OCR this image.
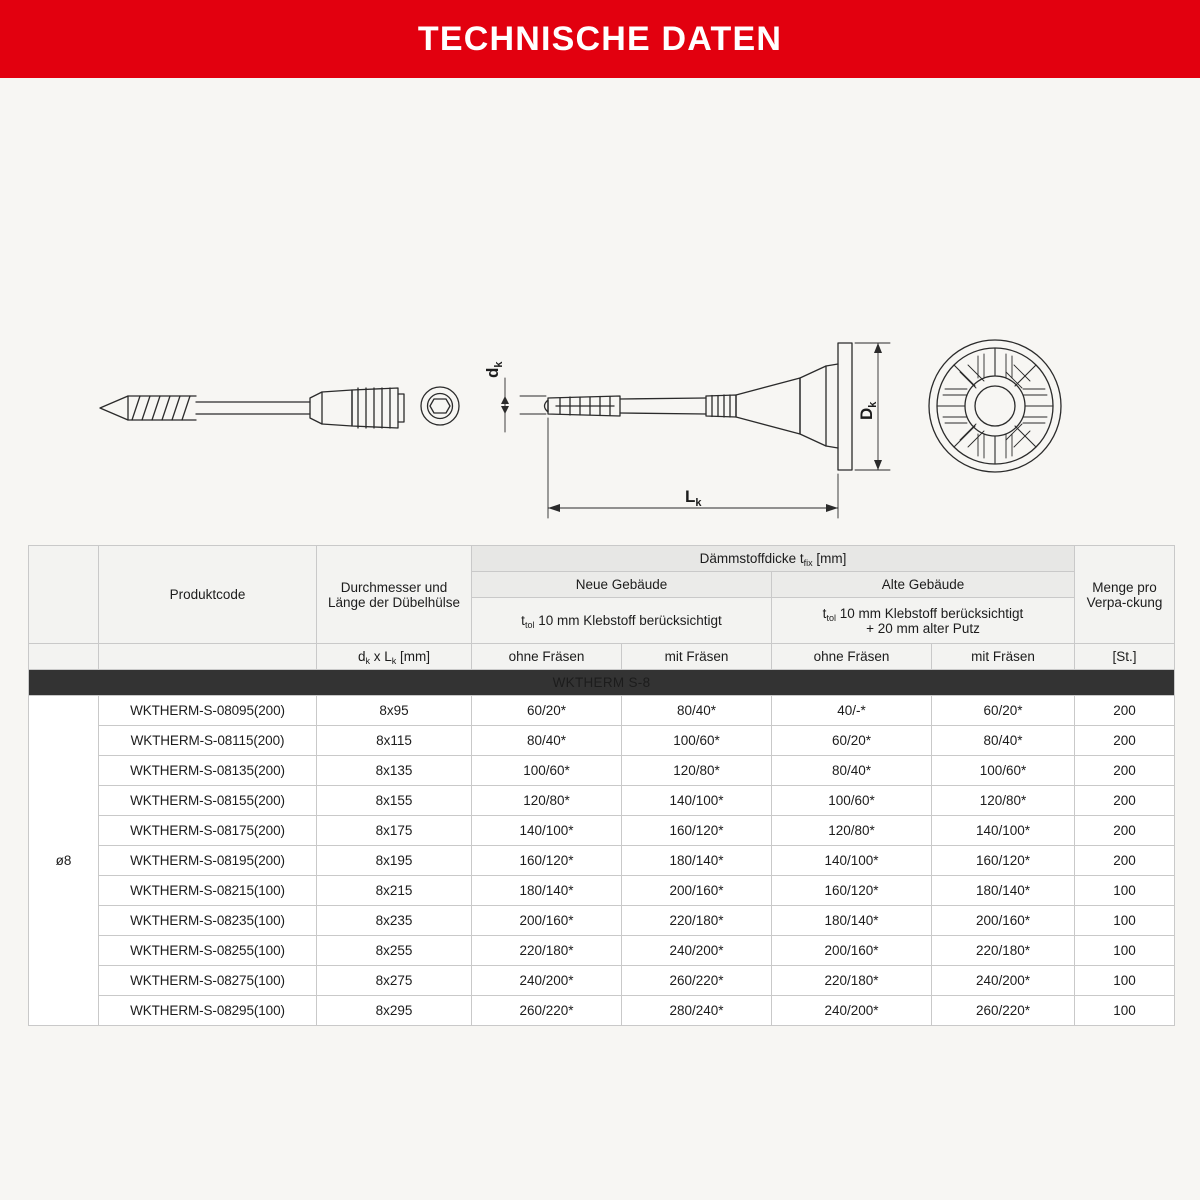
TECHNISCHE DATEN
$d_k$
$D_k$
$L_k$
	Produktcode	Durchmesser und Länge der Dübelhülse	Dämmstoffdicke $t_{fix}$ [mm]				Menge pro Verpa-ckung
			Neue Gebäude		Alte Gebäude		
			$t_{tol}$ 10 mm Klebstoff berücksichtigt		$t_{tol}$ 10 mm Klebstoff berücksichtigt
+ 20 mm alter Putz		
		$d_k$ x $L_k$ [mm]	ohne Fräsen	mit Fräsen	ohne Fräsen	mit Fräsen	[St.]
WKTHERM S-8							
ø8	WKTHERM-S-08095(200)	8x95	60/20*	80/40*	40/-*	60/20*	200
	WKTHERM-S-08115(200)	8x115	80/40*	100/60*	60/20*	80/40*	200
	WKTHERM-S-08135(200)	8x135	100/60*	120/80*	80/40*	100/60*	200
	WKTHERM-S-08155(200)	8x155	120/80*	140/100*	100/60*	120/80*	200
	WKTHERM-S-08175(200)	8x175	140/100*	160/120*	120/80*	140/100*	200
	WKTHERM-S-08195(200)	8x195	160/120*	180/140*	140/100*	160/120*	200
	WKTHERM-S-08215(100)	8x215	180/140*	200/160*	160/120*	180/140*	100
	WKTHERM-S-08235(100)	8x235	200/160*	220/180*	180/140*	200/160*	100
	WKTHERM-S-08255(100)	8x255	220/180*	240/200*	200/160*	220/180*	100
	WKTHERM-S-08275(100)	8x275	240/200*	260/220*	220/180*	240/200*	100
	WKTHERM-S-08295(100)	8x295	260/220*	280/240*	240/200*	260/220*	100
